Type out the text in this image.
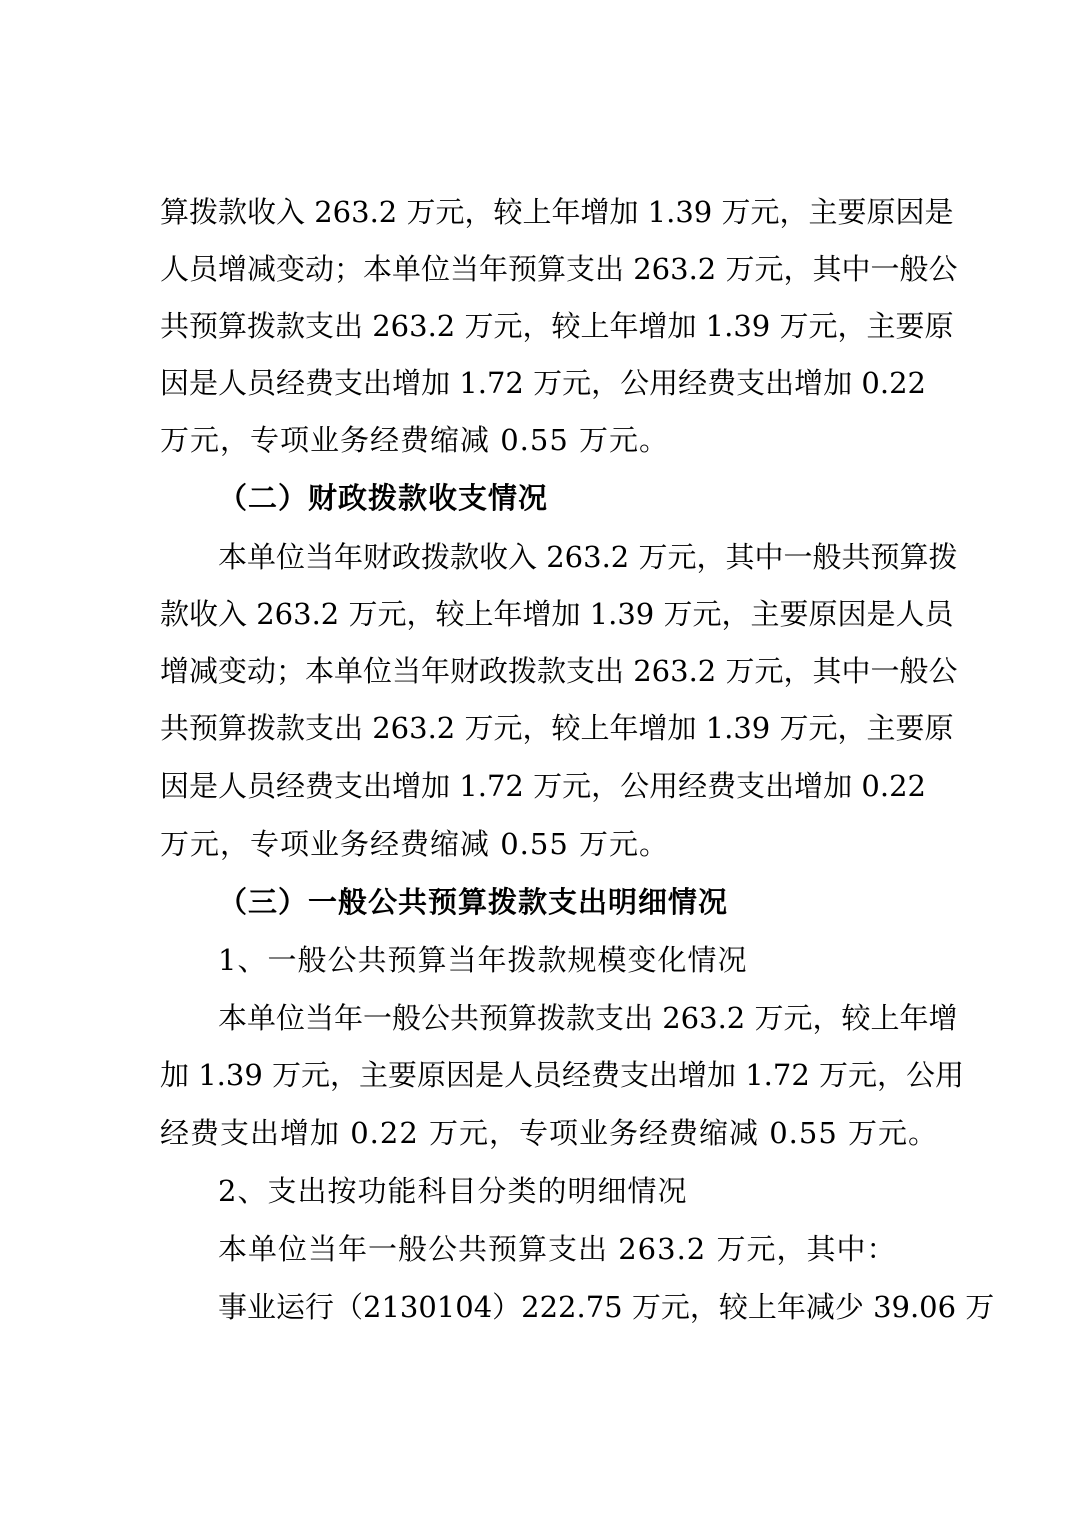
算拨款收入 263.2 万元，较上年增加 1.39 万元，主要原因是
人员增减变动；本单位当年预算支出 263.2 万元，其中一般公
共预算拨款支出 263.2 万元，较上年增加 1.39 万元，主要原
因是人员经费支出增加 1.72 万元，公用经费支出增加 0.22
万元，专项业务经费缩减 0.55 万元。
（二）财政拨款收支情况
本单位当年财政拨款收入 263.2 万元，其中一般共预算拨
款收入 263.2 万元，较上年增加 1.39 万元，主要原因是人员
增减变动；本单位当年财政拨款支出 263.2 万元，其中一般公
共预算拨款支出 263.2 万元，较上年增加 1.39 万元，主要原
因是人员经费支出增加 1.72 万元，公用经费支出增加 0.22
万元，专项业务经费缩减 0.55 万元。
（三）一般公共预算拨款支出明细情况
1、一般公共预算当年拨款规模变化情况
本单位当年一般公共预算拨款支出 263.2 万元，较上年增
加 1.39 万元，主要原因是人员经费支出增加 1.72 万元，公用
经费支出增加 0.22 万元，专项业务经费缩减 0.55 万元。
2、支出按功能科目分类的明细情况
本单位当年一般公共预算支出 263.2 万元，其中：
事业运行（2130104）222.75 万元，较上年减少 39.06 万
